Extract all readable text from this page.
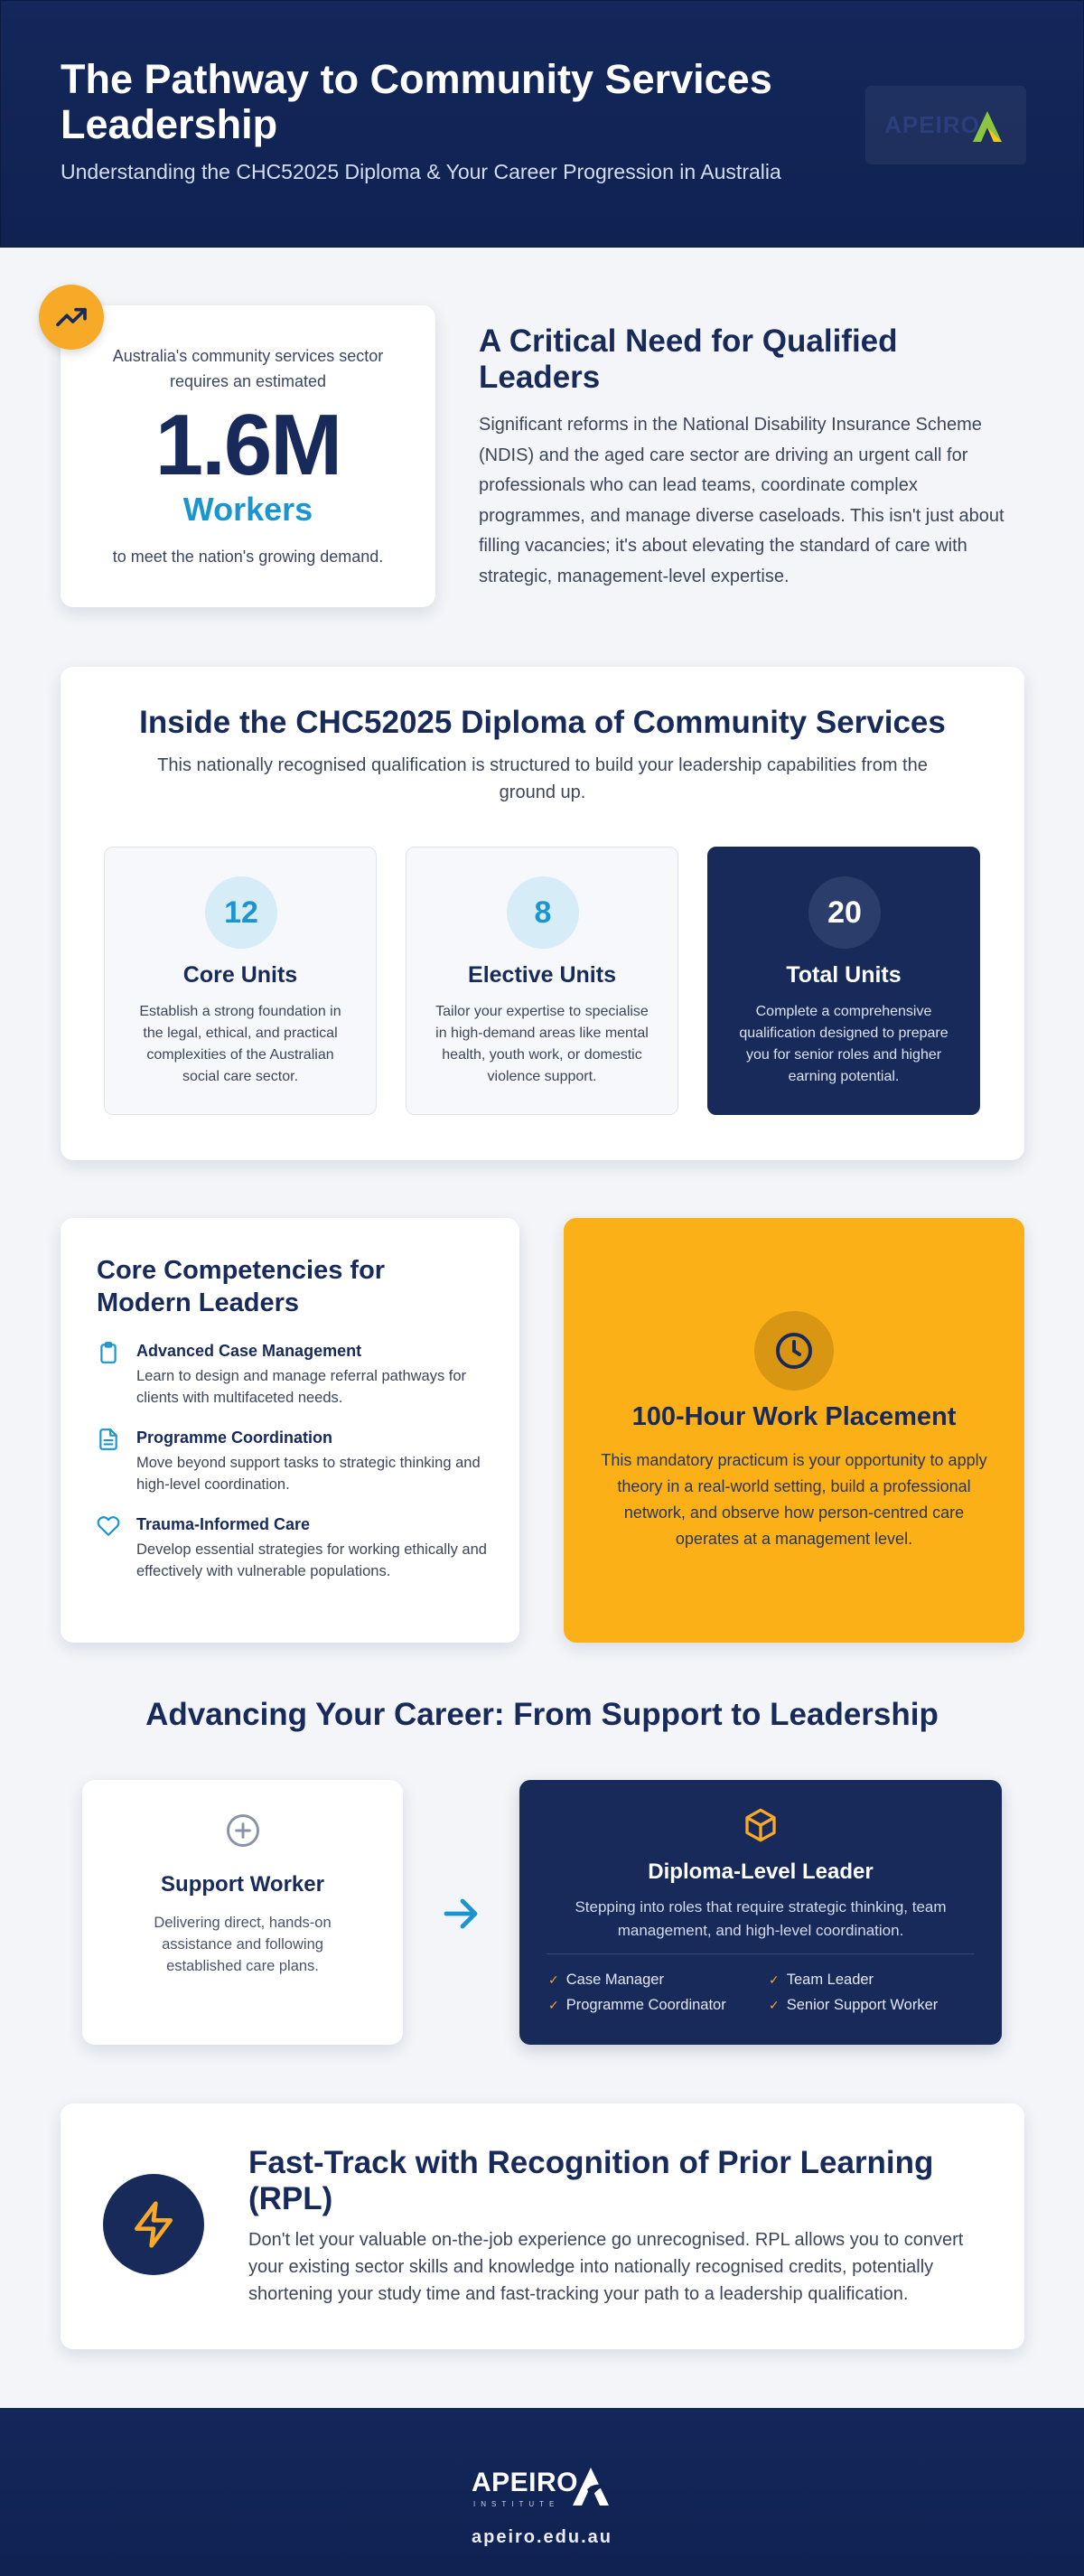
The Pathway to Community Services Leadership
Understanding the CHC52025 Diploma & Your Career Progression in Australia
APEIRO
Australia's community services sector requires an estimated
1.6M
Workers
to meet the nation's growing demand.
A Critical Need for Qualified Leaders

Significant reforms in the National Disability Insurance Scheme (NDIS) and the aged care sector are driving an urgent call for professionals who can lead teams, coordinate complex programmes, and manage diverse caseloads. This isn't just about filling vacancies; it's about elevating the standard of care with strategic, management-level expertise.

Inside the CHC52025 Diploma of Community Services
This nationally recognised qualification is structured to build your leadership capabilities from the ground up.
12
Core Units
Establish a strong foundation in the legal, ethical, and practical complexities of the Australian social care sector.
8
Elective Units
Tailor your expertise to specialise in high-demand areas like mental health, youth work, or domestic violence support.
20
Total Units
Complete a comprehensive qualification designed to prepare you for senior roles and higher earning potential.
Core Competencies for Modern Leaders
Advanced Case Management
Learn to design and manage referral pathways for clients with multifaceted needs.
Programme Coordination
Move beyond support tasks to strategic thinking and high-level coordination.
Trauma-Informed Care
Develop essential strategies for working ethically and effectively with vulnerable populations.
100-Hour Work Placement

This mandatory practicum is your opportunity to apply theory in a real-world setting, build a professional network, and observe how person-centred care operates at a management level.

Advancing Your Career: From Support to Leadership
Support Worker
Delivering direct, hands-on assistance and following established care plans.
Diploma-Level Leader
Stepping into roles that require strategic thinking, team management, and high-level coordination.
✓ Case Manager	✓ Team Leader
✓ Programme Coordinator	✓ Senior Support Worker
Fast-Track with Recognition of Prior Learning (RPL)

Don't let your valuable on-the-job experience go unrecognised. RPL allows you to convert your existing sector skills and knowledge into nationally recognised credits, potentially shortening your study time and fast-tracking your path to a leadership qualification.

APEIRO
INSTITUTE
apeiro.edu.au
